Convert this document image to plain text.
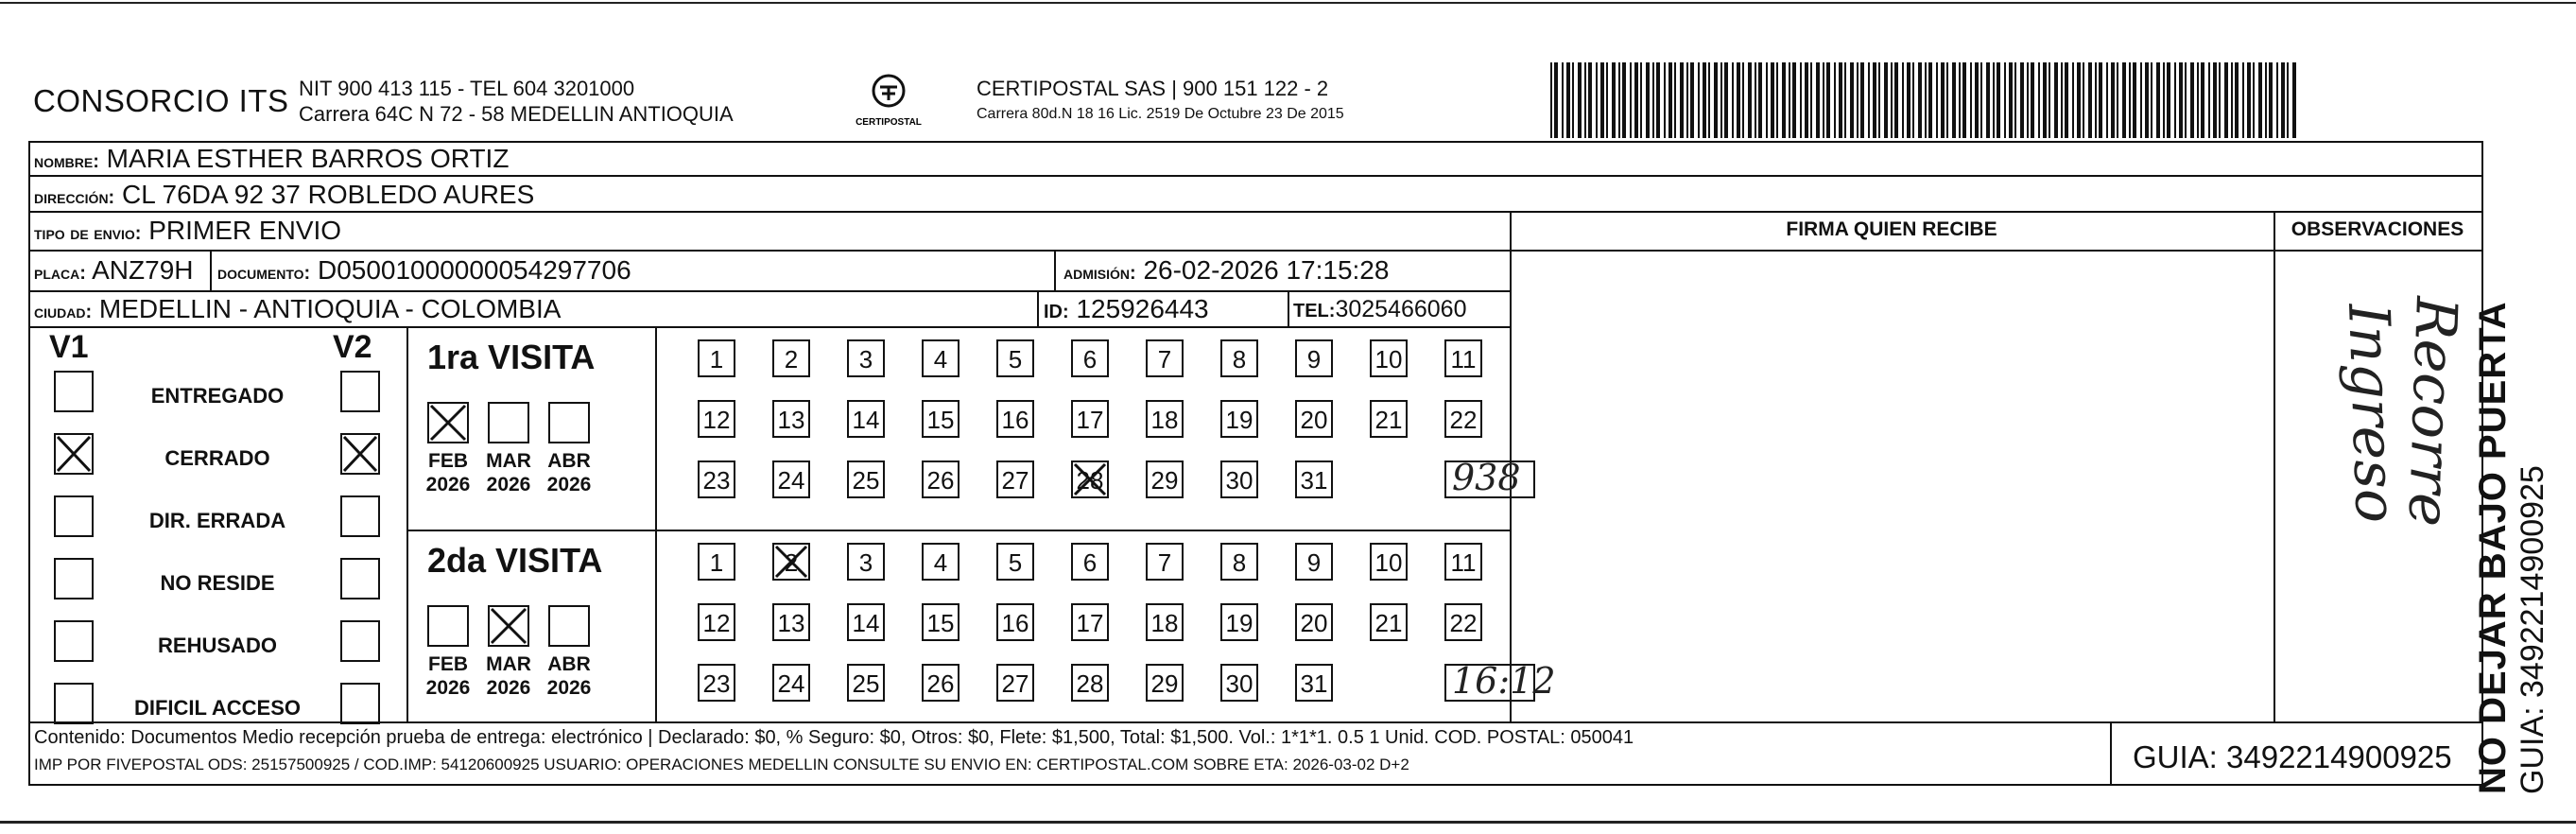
CONSORCIO ITS NIT 900 413 115 - TEL 604 3201000
Carrera 64C N 72 - 58 MEDELLIN ANTIOQUIA	CERTIPOSTAL
CERTIPOSTAL SAS | 900 151 122 - 2
Carrera 80d.N 18 16 Lic. 2519 De Octubre 23 De 2015
nombre: MARIA ESTHER BARROS ORTIZ
dirección: CL 76DA 92 37 ROBLEDO AURES
tipo de envio: PRIMER ENVIO
placa: ANZ79H documento: D05001000000054297706	admisión: 26-02-2026 17:15:28
ciudad: MEDELLIN - ANTIOQUIA - COLOMBIA	ID: 125926443	TEL:3025466060
FIRMA QUIEN RECIBE	OBSERVACIONES
Ingreso
Recorre
V1	V2
ENTREGADO
CERRADO
DIR. ERRADA
NO RESIDE
REHUSADO
DIFICIL ACCESO
1ra VISITA
FEB
2026
MAR
2026
ABR
2026
1	2	3	4	5	6	7	8	9	10 11
12 13 14 15 16 17 18 19 20 21 22
23 24 25 26 27 28 29 30 31	938
2da VISITA
FEB
2026
MAR
2026
ABR
2026
1	2	3	4	5	6	7	8	9	10 11
12 13 14 15 16 17 18 19 20 21 22
23 24 25 26 27 28 29 30 31	16:12
Contenido: Documentos Medio recepción prueba de entrega: electrónico | Declarado: $0, % Seguro: $0, Otros: $0, Flete: $1,500, Total: $1,500. Vol.: 1*1*1. 0.5 1 Unid. COD. POSTAL: 050041
IMP POR FIVEPOSTAL ODS: 25157500925 / COD.IMP: 54120600925 USUARIO: OPERACIONES MEDELLIN CONSULTE SU ENVIO EN: CERTIPOSTAL.COM SOBRE ETA: 2026-03-02 D+2	GUIA: 3492214900925 NO DEJAR BAJO PUERTA GUIA: 3492214900925
